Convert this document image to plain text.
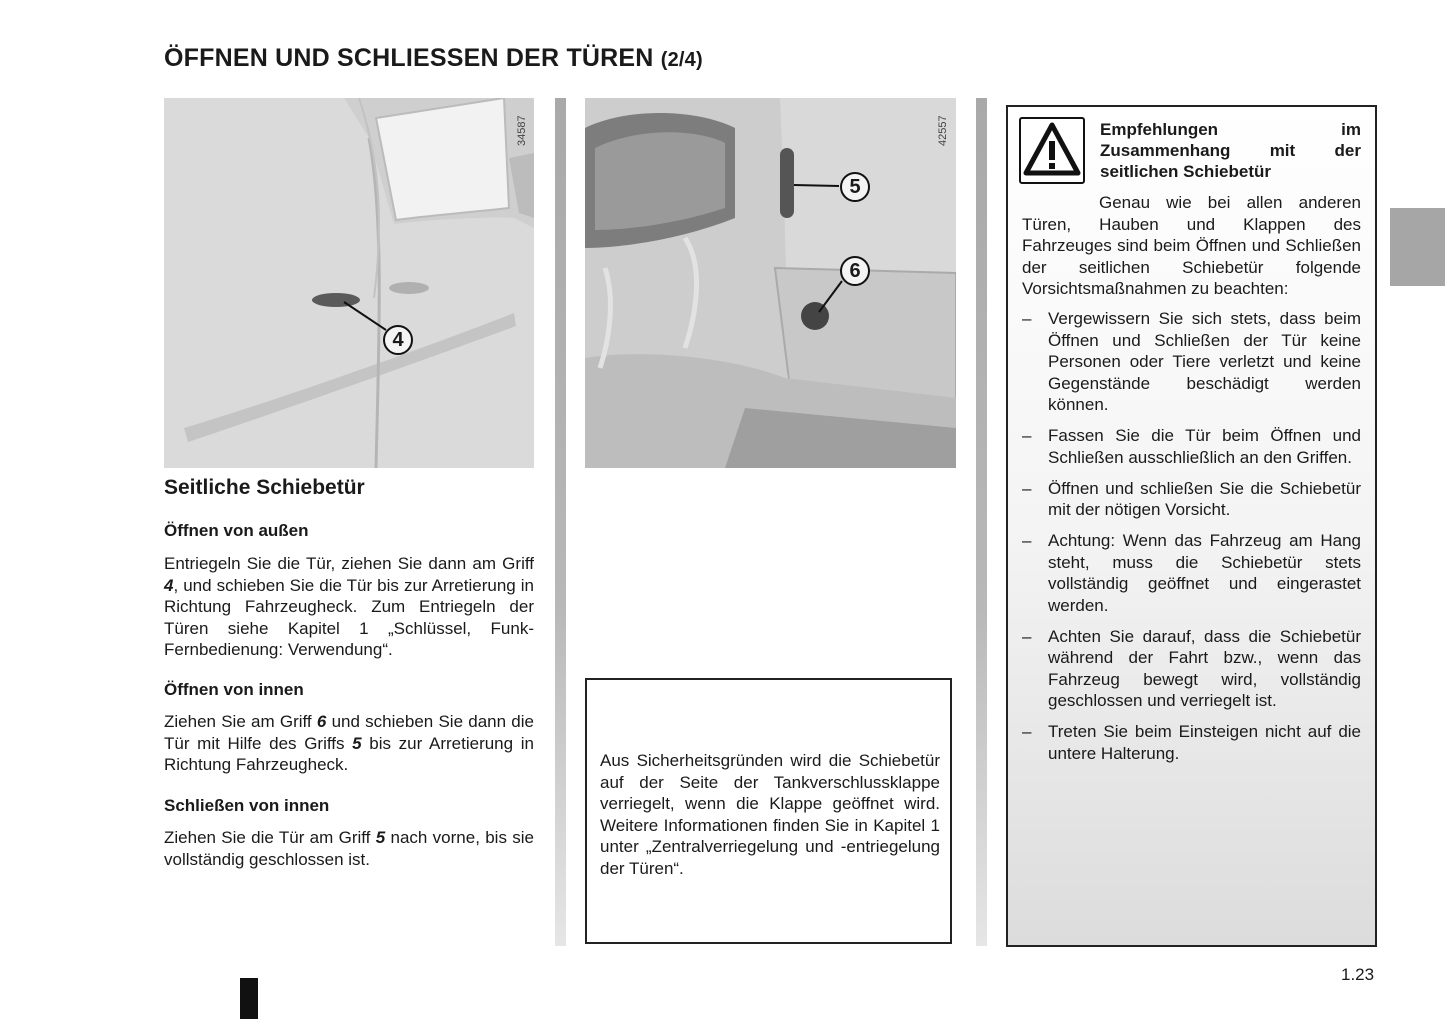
ÖFFNEN UND SCHLIESSEN DER TÜREN (2/4)
34587
4
42557
5
6
Seitliche Schiebetür
Öffnen von außen
Entriegeln Sie die Tür, ziehen Sie dann am Griff 4, und schieben Sie die Tür bis zur Arretierung in Richtung Fahrzeugheck. Zum Entriegeln der Türen siehe Kapitel 1 „Schlüssel, Funk-Fernbedienung: Verwendung“.
Öffnen von innen
Ziehen Sie am Griff 6 und schieben Sie dann die Tür mit Hilfe des Griffs 5 bis zur Arretierung in Richtung Fahrzeugheck.
Schließen von innen
Ziehen Sie die Tür am Griff 5 nach vorne, bis sie vollständig geschlossen ist.
Aus Sicherheitsgründen wird die Schiebetür auf der Seite der Tankverschlussklappe verriegelt, wenn die Klappe geöffnet wird. Weitere Informationen finden Sie in Kapitel 1 unter „Zentralverriegelung und -entriegelung der Türen“.
Empfehlungen im Zusammenhang mit der seitlichen Schiebetür
Genau wie bei allen anderen Türen, Hauben und Klappen des Fahrzeuges sind beim Öffnen und Schließen der seitlichen Schiebetür folgende Vorsichtsmaßnahmen zu beachten:
– Vergewissern Sie sich stets, dass beim Öffnen und Schließen der Tür keine Personen oder Tiere verletzt und keine Gegenstände beschädigt werden können.
– Fassen Sie die Tür beim Öffnen und Schließen ausschließlich an den Griffen.
– Öffnen und schließen Sie die Schiebetür mit der nötigen Vorsicht.
– Achtung: Wenn das Fahrzeug am Hang steht, muss die Schiebetür stets vollständig geöffnet und eingerastet werden.
– Achten Sie darauf, dass die Schiebetür während der Fahrt bzw., wenn das Fahrzeug bewegt wird, vollständig geschlossen und verriegelt ist.
– Treten Sie beim Einsteigen nicht auf die untere Halterung.
1.23
